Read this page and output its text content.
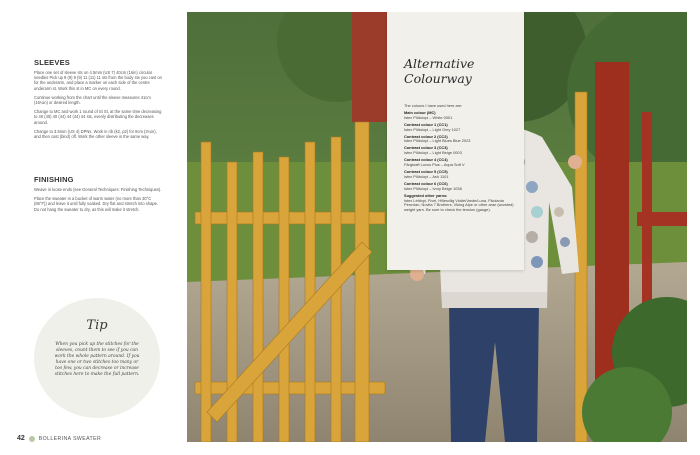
SLEEVES

Place one set of sleeve sts on 4.5mm (US 7) 40cm (16in) circular needles Pick up 9 (9) 9 (9) 11 (11) 11 sts from the body sts you cast on for the underarm, and place a marker on each side of the centre underarm st. Work this st in MC on every round.

Continue working from the chart until the sleeve measures 41cm (16¼in) or desired length.

Change to MC and work 1 round of St St, at the same time decreasing to 40 (40) 40 (44) 44 (44) 44 sts, evenly distributing the decreases around.

Change to 3.5mm (US 4) DPNs. Work in rib (k2, p2) for 8cm (3¼in), and then cast (bind) off. Work the other sleeve in the same way.

FINISHING

Weave in loose ends (see General Techniques: Finishing Techniques).

Place the sweater in a bucket of warm water (no more than 30°C (86°F)) and leave it until fully soaked. Dry flat and stretch into shape. Do not hang the sweater to dry, as this will make it stretch.

Tip
When you pick up the stitches for the sleeves, count them to see if you can work the whole pattern around. If you have one or two stitches too many or too few, you can decrease or increase stitches here to make the full pattern.
42	BOLLERINA SWEATER
Alternative
Colourway
The colours I have used here are:
Main colour (MC)
Istex Plötulopi – White 0001
Contrast colour 1 (CC1)
Istex Plötulopi – Light Grey 1027
Contrast colour 2 (CC2)
Istex Plötulopi – Light Blues Blue 2023
Contrast colour 3 (CC3)
Istex Plötulopi – Light Beige 0003
Contrast colour 4 (CC4)
Färgkraft Luxus Plus – Aqua Soft V
Contrast colour 5 (CC5)
Istex Plötulopi – Ash 1101
Contrast colour 6 (CC6)
Istex Plötulopi – Ivory Beige 1038
Suggested other yarns:
Istex Léttlopi, Fivel, Hillesvåg Vidde/Varde/Luna, Fikolania Peruvian, Novita 7 Brothers, Viking Alpe or other aran (worsted) weight yarn. Be sure to check the tension (gauge).
